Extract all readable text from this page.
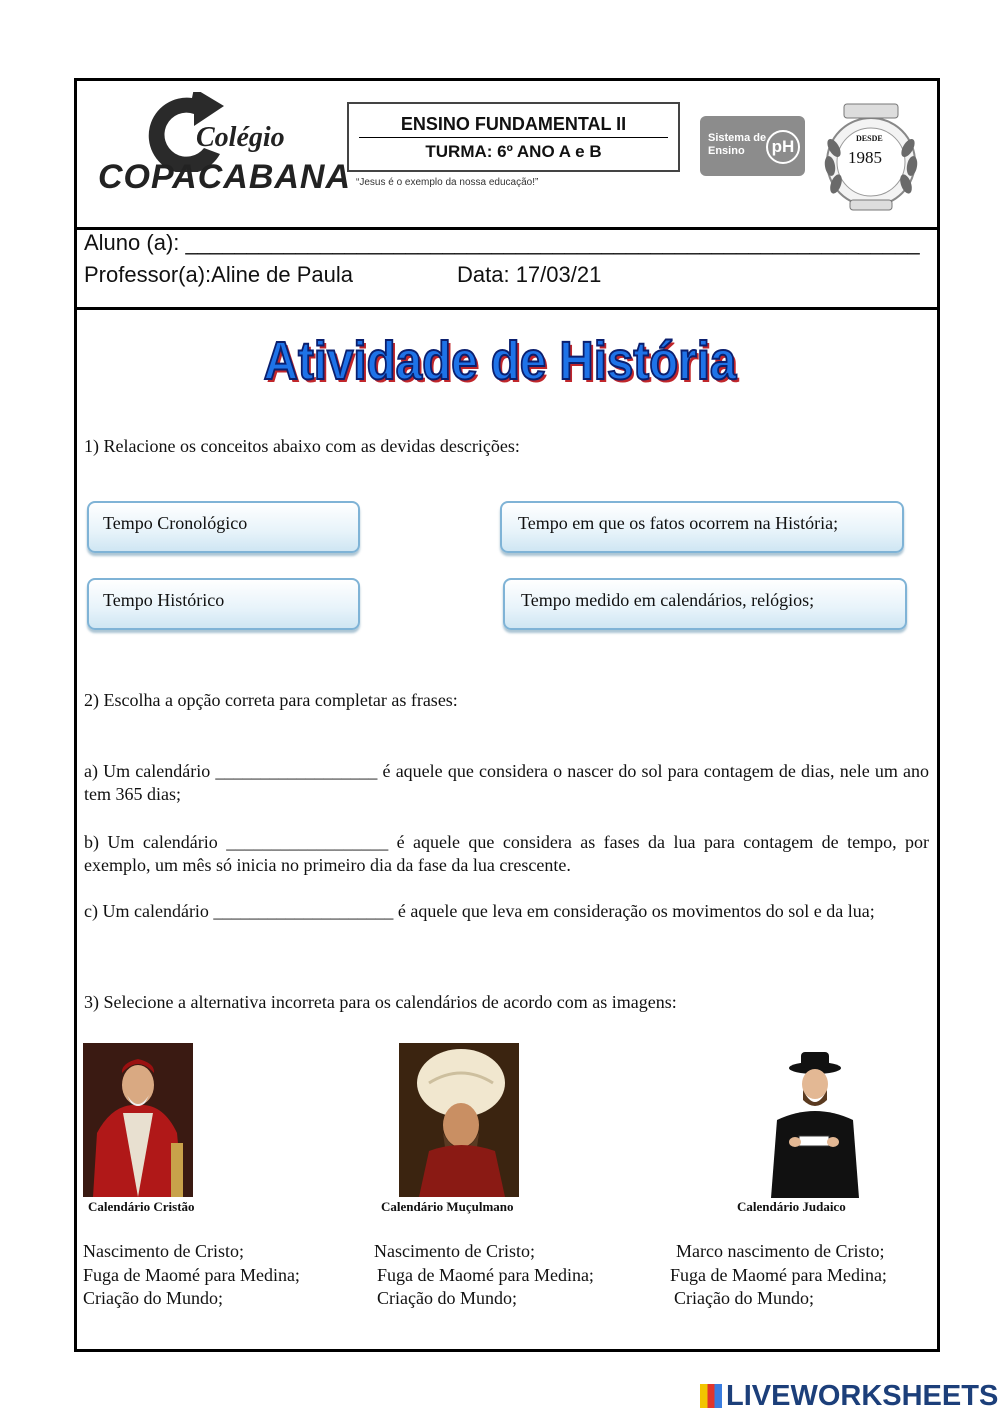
Colégio
COPACABANA
ENSINO FUNDAMENTAL II
TURMA: 6º ANO A e B
“Jesus é o exemplo da nossa educação!”
Sistema de Ensino	pH	DESDE
1985
Aluno (a): ____________________________________________________________
Professor(a):Aline de Paula	Data: 17/03/21
Atividade de História
1) Relacione os conceitos abaixo com as devidas descrições:
Tempo Cronológico
Tempo Histórico
Tempo em que os fatos ocorrem na História;
Tempo medido em calendários, relógios;
2) Escolha a opção correta para completar as frases:
a) Um calendário __________________ é aquele que considera o nascer do sol para contagem de dias, nele um ano tem 365 dias;
b) Um calendário __________________ é aquele que considera as fases da lua para contagem de tempo, por exemplo, um mês só inicia no primeiro dia da fase da lua crescente.
c) Um calendário ____________________ é aquele que leva em consideração os movimentos do sol e da lua;
3) Selecione a alternativa incorreta para os calendários de acordo com as imagens:
Calendário Cristão	Calendário Muçulmano	Calendário Judaico
Nascimento de Cristo;
Fuga de Maomé para Medina;
Criação do Mundo;
Nascimento de Cristo;
Fuga de Maomé para Medina;
Criação do Mundo;
Marco nascimento de Cristo;
Fuga de Maomé para Medina;
Criação do Mundo;
LIVEWORKSHEETS
